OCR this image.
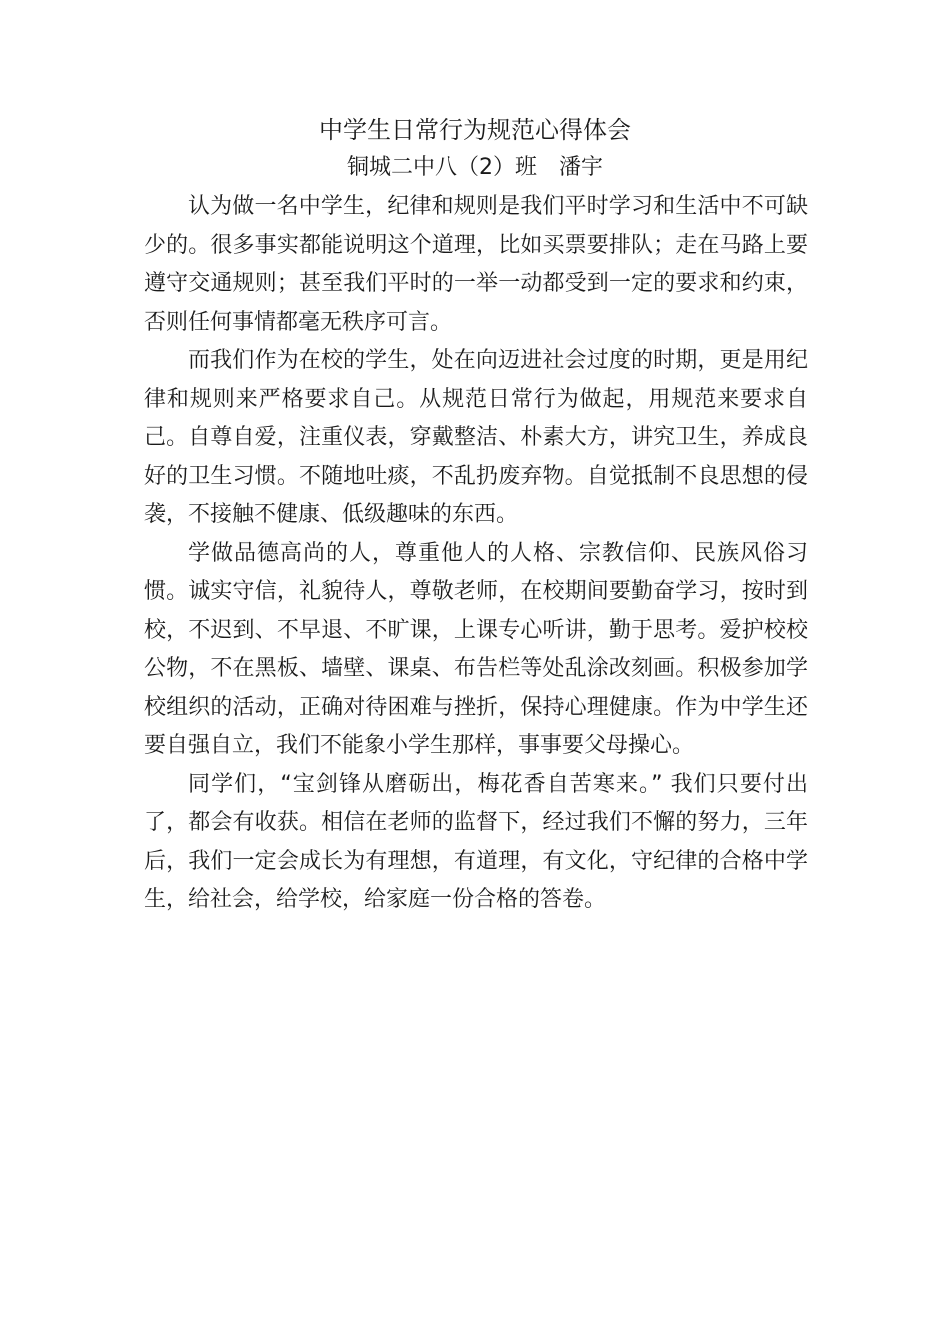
中学生日常行为规范心得体会
铜城二中八（2）班　潘宇

认为做一名中学生，纪律和规则是我们平时学习和生活中不可缺少的。很多事实都能说明这个道理，比如买票要排队；走在马路上要遵守交通规则；甚至我们平时的一举一动都受到一定的要求和约束，否则任何事情都毫无秩序可言。

而我们作为在校的学生，处在向迈进社会过度的时期，更是用纪律和规则来严格要求自己。从规范日常行为做起，用规范来要求自己。自尊自爱，注重仪表，穿戴整洁、朴素大方，讲究卫生，养成良好的卫生习惯。不随地吐痰，不乱扔废弃物。自觉抵制不良思想的侵袭，不接触不健康、低级趣味的东西。

学做品德高尚的人，尊重他人的人格、宗教信仰、民族风俗习惯。诚实守信，礼貌待人，尊敬老师，在校期间要勤奋学习，按时到校，不迟到、不早退、不旷课，上课专心听讲，勤于思考。爱护校校公物，不在黑板、墙壁、课桌、布告栏等处乱涂改刻画。积极参加学校组织的活动，正确对待困难与挫折，保持心理健康。作为中学生还要自强自立，我们不能象小学生那样，事事要父母操心。

同学们，“宝剑锋从磨砺出，梅花香自苦寒来。” 我们只要付出了，都会有收获。相信在老师的监督下，经过我们不懈的努力，三年后，我们一定会成长为有理想，有道理，有文化，守纪律的合格中学生，给社会，给学校，给家庭一份合格的答卷。
